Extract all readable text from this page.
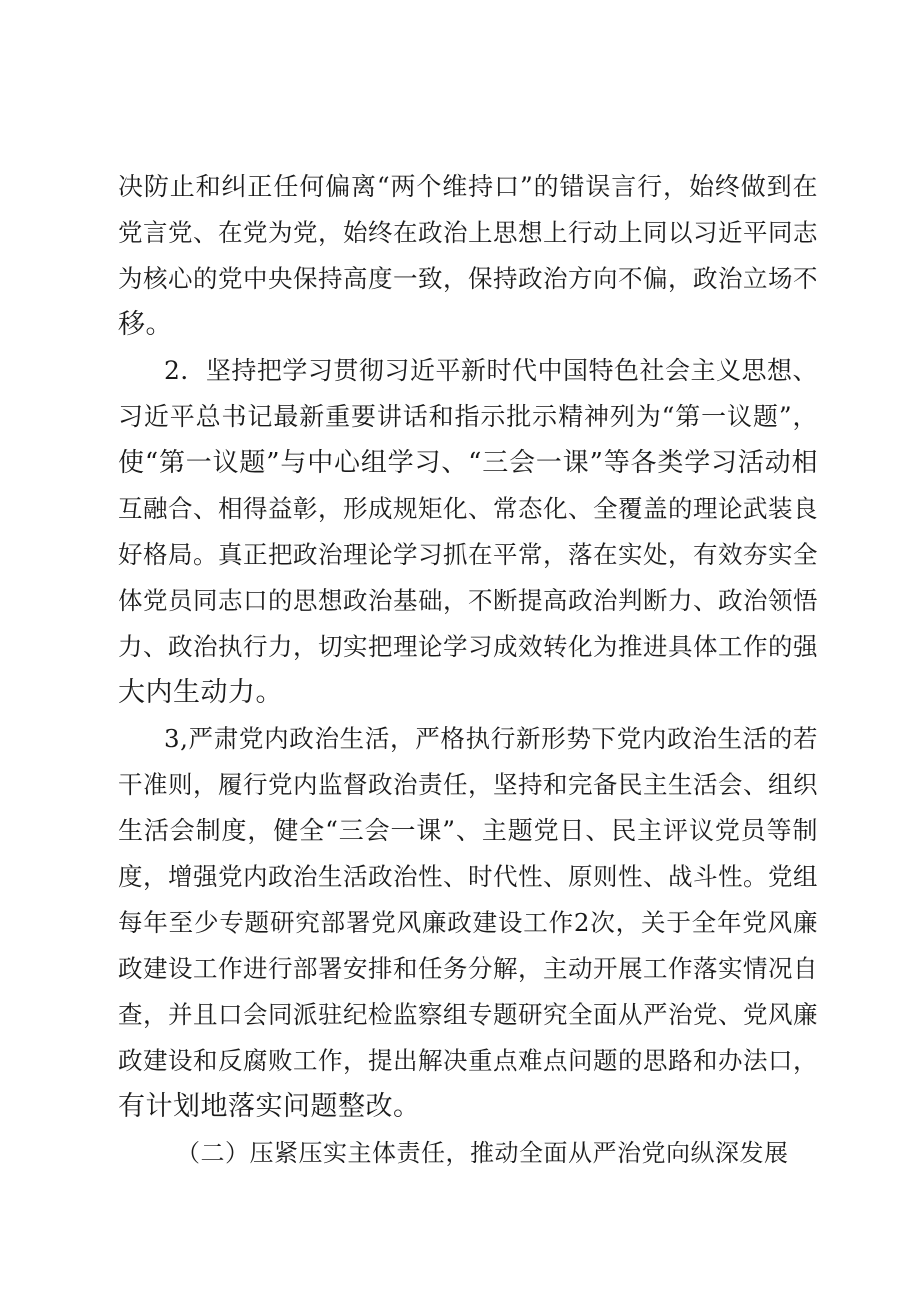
决防止和纠正任何偏离“两个维持口”的错误言行，始终做到在
党言党、在党为党，始终在政治上思想上行动上同以习近平同志
为核心的党中央保持高度一致，保持政治方向不偏，政治立场不
移。
2．坚持把学习贯彻习近平新时代中国特色社会主义思想、
习近平总书记最新重要讲话和指示批示精神列为“第一议题”，
使“第一议题”与中心组学习、“三会一课”等各类学习活动相
互融合、相得益彰，形成规矩化、常态化、全覆盖的理论武装良
好格局。真正把政治理论学习抓在平常，落在实处，有效夯实全
体党员同志口的思想政治基础，不断提高政治判断力、政治领悟
力、政治执行力，切实把理论学习成效转化为推进具体工作的强
大内生动力。
3,严肃党内政治生活，严格执行新形势下党内政治生活的若
干准则，履行党内监督政治责任，坚持和完备民主生活会、组织
生活会制度，健全“三会一课”、主题党日、民主评议党员等制
度，增强党内政治生活政治性、时代性、原则性、战斗性。党组
每年至少专题研究部署党风廉政建设工作2次，关于全年党风廉
政建设工作进行部署安排和任务分解，主动开展工作落实情况自
查，并且口会同派驻纪检监察组专题研究全面从严治党、党风廉
政建设和反腐败工作，提出解决重点难点问题的思路和办法口，
有计划地落实问题整改。
（二）压紧压实主体责任，推动全面从严治党向纵深发展
